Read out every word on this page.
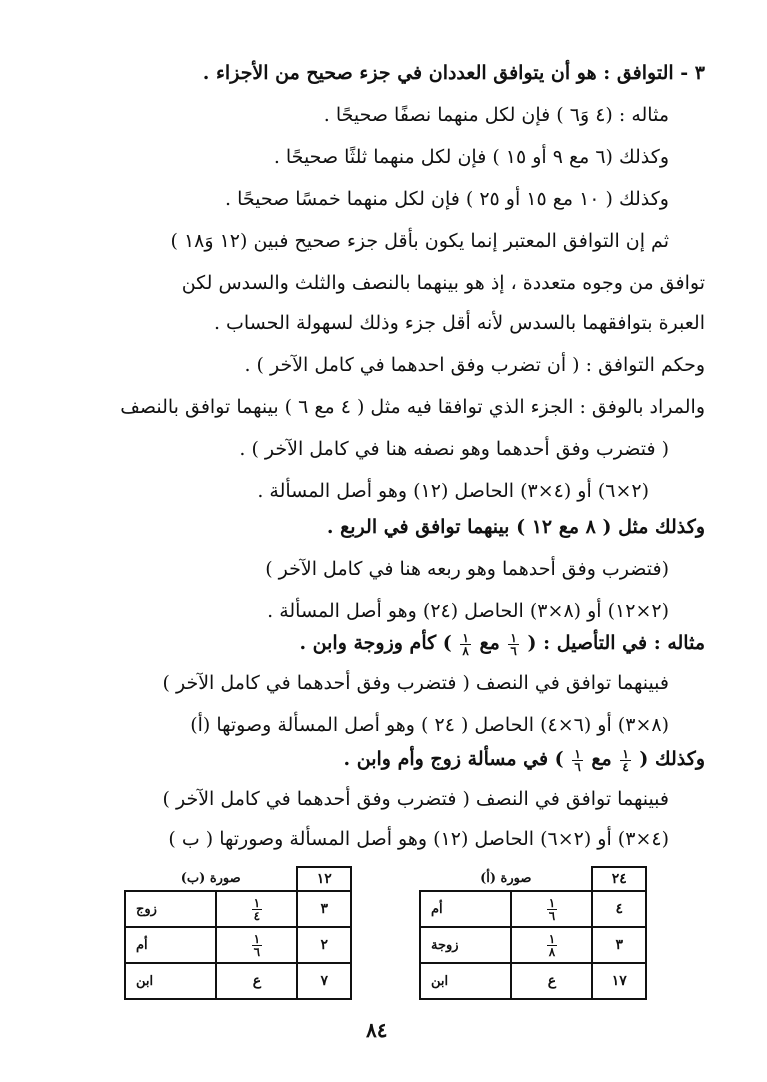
٣ - التوافق : هو أن يتوافق العددان في جزء صحيح من الأجزاء .
مثاله : (٤ وَ٦ ) فإن لكل منهما نصفًا صحيحًا .
وكذلك (٦ مع ٩ أو ١٥ ) فإن لكل منهما ثلثًا صحيحًا .
وكذلك ( ١٠ مع ١٥ أو ٢٥ ) فإن لكل منهما خمسًا صحيحًا .
ثم إن التوافق المعتبر إنما يكون بأقل جزء صحيح فبين (١٢ وَ١٨ )
توافق من وجوه متعددة ، إذ هو بينهما بالنصف والثلث والسدس لكن
العبرة بتوافقهما بالسدس لأنه أقل جزء وذلك لسهولة الحساب .
وحكم التوافق : ( أن تضرب وفق احدهما في كامل الآخر ) .
والمراد بالوفق : الجزء الذي توافقا فيه مثل ( ٤ مع ٦ ) بينهما توافق بالنصف
( فتضرب وفق أحدهما وهو نصفه هنا في كامل الآخر ) .
(٢×٦) أو (٤×٣) الحاصل (١٢) وهو أصل المسألة .
وكذلك مثل ( ٨ مع ١٢ ) بينهما توافق في الربع .
(فتضرب وفق أحدهما وهو ربعه هنا في كامل الآخر )
(٢×١٢) أو (٨×٣) الحاصل (٢٤) وهو أصل المسألة .
مثاله : في التأصيل : (
$\frac{١}{٦}$
مع
$\frac{١}{٨}$
) كأم وزوجة وابن .
فبينهما توافق في النصف ( فتضرب وفق أحدهما في كامل الآخر )
(٨×٣) أو (٦×٤) الحاصل ( ٢٤ ) وهو أصل المسألة وصوتها (أ)
وكذلك (
$\frac{١}{٤}$
مع
$\frac{١}{٦}$
) في مسألة زوج وأم وابن .
فبينهما توافق في النصف ( فتضرب وفق أحدهما في كامل الآخر )
(٤×٣) أو (٢×٦) الحاصل (١٢) وهو أصل المسألة وصورتها ( ب )
٢٤	صورة (أ)	
٤	$\frac{١}{٦}$	أم
٣	$\frac{١}{٨}$	زوجة
١٧	ع	ابن
١٢	صورة (ب)	
٣	$\frac{١}{٤}$	زوج
٢	$\frac{١}{٦}$	أم
٧	ع	ابن
٨٤
